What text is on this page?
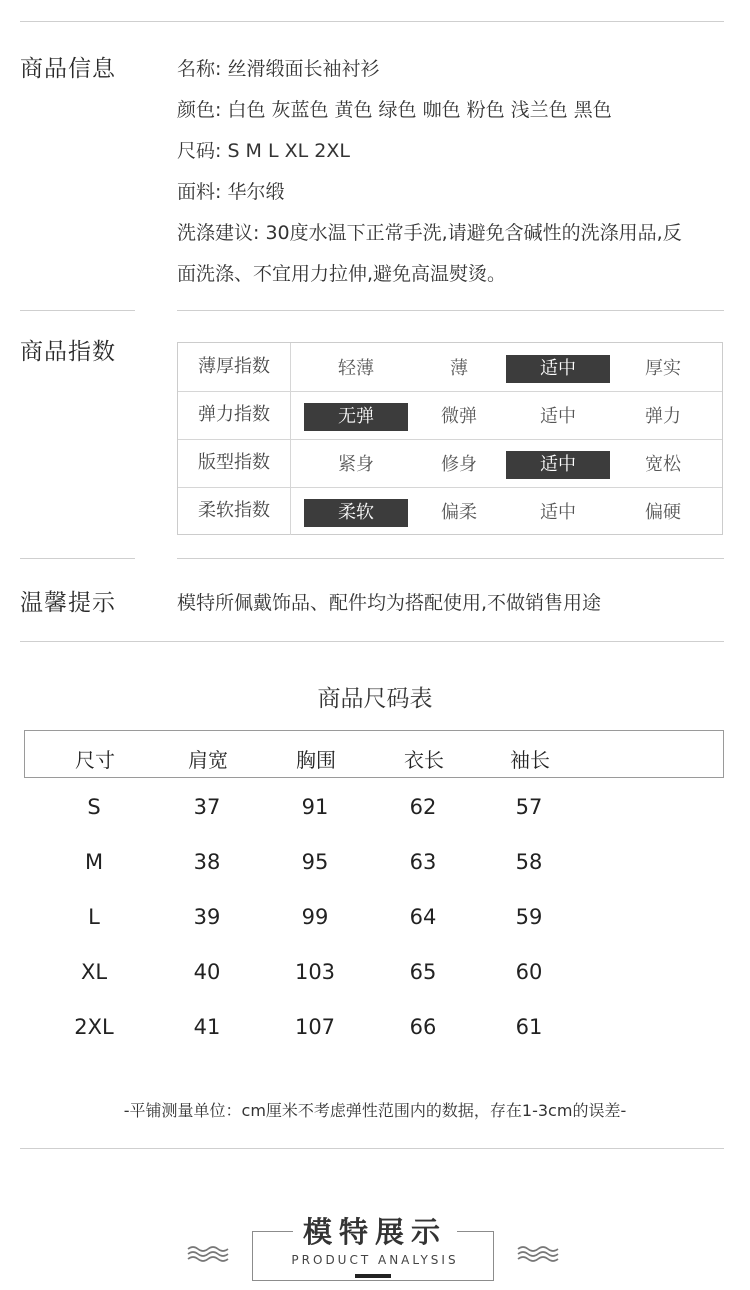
商品信息	名称: 丝滑缎面长袖衬衫
颜色: 白色 灰蓝色 黄色 绿色 咖色 粉色 浅兰色 黑色
尺码: S M L XL 2XL
面料: 华尔缎
洗涤建议: 30度水温下正常手洗,请避免含碱性的洗涤用品,反
面洗涤、不宜用力拉伸,避免高温熨烫。
商品指数
薄厚指数	轻薄	薄	适中	厚实
弹力指数	无弹	微弹	适中	弹力
版型指数	紧身	修身	适中	宽松
柔软指数	柔软	偏柔	适中	偏硬
温馨提示	模特所佩戴饰品、配件均为搭配使用,不做销售用途
商品尺码表
尺寸	肩宽	胸围	衣长	袖长
S	37	91	62	57
M	38	95	63	58
L	39	99	64	59
XL	40	103	65	60
2XL	41	107	66	61
-平铺测量单位：cm厘米不考虑弹性范围内的数据，存在1-3cm的误差-
模特展示
PRODUCT ANALYSIS
